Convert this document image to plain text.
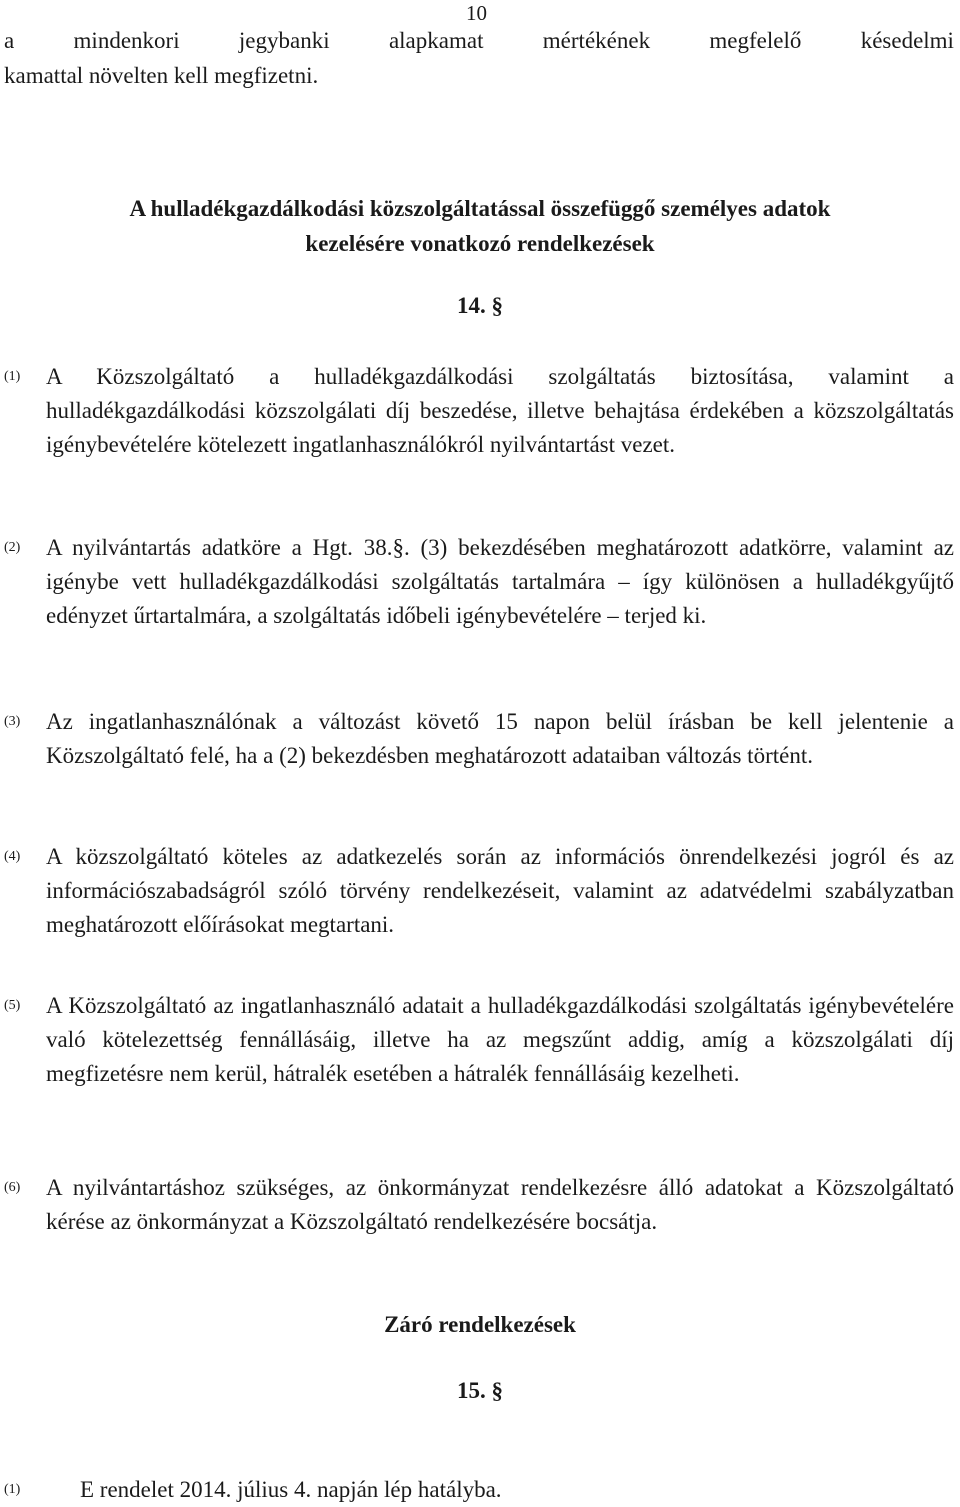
10
a	mindenkori	jegybanki	alapkamat	mértékének	megfelelő	késedelmi
kamattal növelten kell megfizetni.
A hulladékgazdálkodási közszolgáltatással összefüggő személyes adatok
kezelésére vonatkozó rendelkezések
14. §
(1) A Közszolgáltató a hulladékgazdálkodási szolgáltatás biztosítása, valamint a hulladékgazdálkodási közszolgálati díj beszedése, illetve behajtása érdekében a közszolgáltatás igénybevételére kötelezett ingatlanhasználókról nyilvántartást vezet.
(2) A nyilvántartás adatköre a Hgt. 38.§. (3) bekezdésében meghatározott adatkörre, valamint az igénybe vett hulladékgazdálkodási szolgáltatás tartalmára – így különösen a hulladékgyűjtő edényzet űrtartalmára, a szolgáltatás időbeli igénybevételére – terjed ki.
(3) Az ingatlanhasználónak a változást követő 15 napon belül írásban be kell jelentenie a Közszolgáltató felé, ha a (2) bekezdésben meghatározott adataiban változás történt.
(4) A közszolgáltató köteles az adatkezelés során az információs önrendelkezési jogról és az információszabadságról szóló törvény rendelkezéseit, valamint az adatvédelmi szabályzatban meghatározott előírásokat megtartani.
(5) A Közszolgáltató az ingatlanhasználó adatait a hulladékgazdálkodási szolgáltatás igénybevételére való kötelezettség fennállásáig, illetve ha az megszűnt addig, amíg a közszolgálati díj megfizetésre nem kerül, hátralék esetében a hátralék fennállásáig kezelheti.
(6) A nyilvántartáshoz szükséges, az önkormányzat rendelkezésre álló adatokat a Közszolgáltató kérése az önkormányzat a Közszolgáltató rendelkezésére bocsátja.
Záró rendelkezések
15. §
(1)	E rendelet 2014. július 4. napján lép hatályba.
